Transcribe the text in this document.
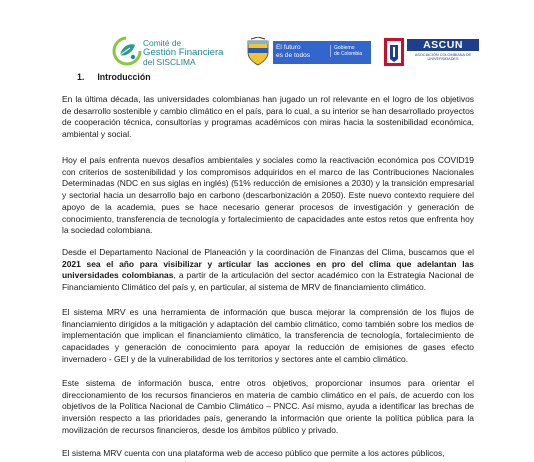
Comité de
Gestión Financiera
del SISCLIMA
El futuro
es de todos
Gobierno
de Colombia
ASCUN
ASOCIACIÓN COLOMBIANA DE UNIVERSIDADES
1. Introducción

En la última década, las universidades colombianas han jugado un rol relevante en el logro de los objetivos de desarrollo sostenible y cambio climático en el país, para lo cual, a su interior se han desarrollado proyectos de cooperación técnica, consultorías y programas académicos con miras hacia la sostenibilidad económica, ambiental y social.

Hoy el país enfrenta nuevos desafíos ambientales y sociales como la reactivación económica pos COVID19 con criterios de sostenibilidad y los compromisos adquiridos en el marco de las Contribuciones Nacionales Determinadas (NDC en sus siglas en inglés) (51% reducción de emisiones a 2030) y la transición empresarial y sectorial hacia un desarrollo bajo en carbono (descarbonización a 2050). Este nuevo contexto requiere del apoyo de la academia, pues se hace necesario generar procesos de investigación y generación de conocimiento, transferencia de tecnología y fortalecimiento de capacidades ante estos retos que enfrenta hoy la sociedad colombiana.

Desde el Departamento Nacional de Planeación y la coordinación de Finanzas del Clima, buscamos que el 2021 sea el año para visibilizar y articular las acciones en pro del clima que adelantan las universidades colombianas, a partir de la articulación del sector académico con la Estrategia Nacional de Financiamiento Climático del país y, en particular, al sistema de MRV de financiamiento climático.

El sistema MRV es una herramienta de información que busca mejorar la comprensión de los flujos de financiamiento dirigidos a la mitigación y adaptación del cambio climático, como también sobre los medios de implementación que implican el financiamiento climático, la transferencia de tecnología, fortalecimiento de capacidades y generación de conocimiento para apoyar la reducción de emisiones de gases efecto invernadero - GEI y de la vulnerabilidad de los territorios y sectores ante el cambio climático.

Este sistema de información busca, entre otros objetivos, proporcionar insumos para orientar el direccionamiento de los recursos financieros en materia de cambio climático en el país, de acuerdo con los objetivos de la Política Nacional de Cambio Climático – PNCC. Así mismo, ayuda a identificar las brechas de inversión respecto a las prioridades país, generando la información que oriente la política pública para la movilización de recursos financieros, desde los ámbitos público y privado.

El sistema MRV cuenta con una plataforma web de acceso público que permite a los actores públicos,
